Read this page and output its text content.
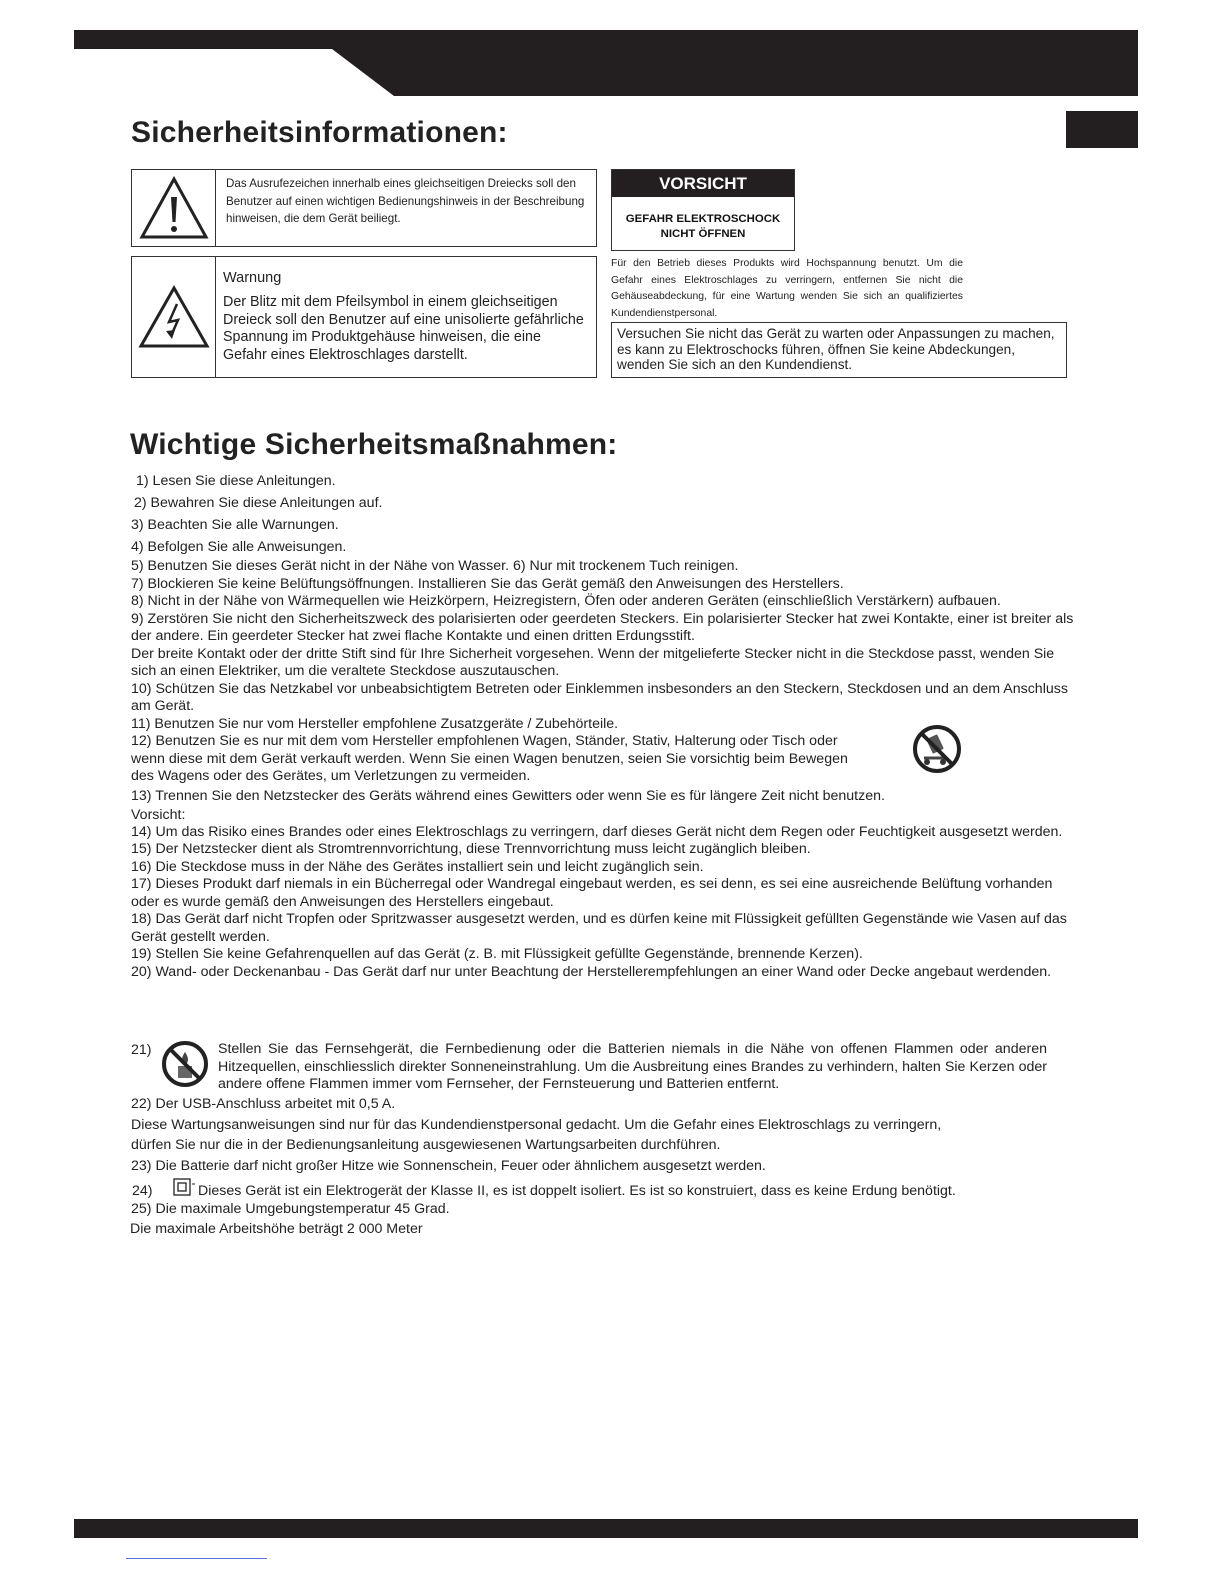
Sicherheitsinformationen:
Das Ausrufezeichen innerhalb eines gleichseitigen Dreiecks soll den Benutzer auf einen wichtigen Bedienungshinweis in der Beschreibung hinweisen, die dem Gerät beiliegt.
Warnung
Der Blitz mit dem Pfeilsymbol in einem gleichseitigen Dreieck soll den Benutzer auf eine unisolierte gefährliche Spannung im Produktgehäuse hinweisen, die eine Gefahr eines Elektroschlages darstellt.
VORSICHT
GEFAHR ELEKTROSCHOCK
NICHT ÖFFNEN
Für den Betrieb dieses Produkts wird Hochspannung benutzt. Um die Gefahr eines Elektroschlages zu verringern, entfernen Sie nicht die Gehäuseabdeckung, für eine Wartung wenden Sie sich an qualifiziertes Kundendienstpersonal.
Versuchen Sie nicht das Gerät zu warten oder Anpassungen zu machen, es kann zu Elektroschocks führen, öffnen Sie keine Abdeckungen, wenden Sie sich an den Kundendienst.
Wichtige Sicherheitsmaßnahmen:

1) Lesen Sie diese Anleitungen.

2) Bewahren Sie diese Anleitungen auf.

3) Beachten Sie alle Warnungen.

4) Befolgen Sie alle Anweisungen.

5) Benutzen Sie dieses Gerät nicht in der Nähe von Wasser. 6) Nur mit trockenem Tuch reinigen.

7) Blockieren Sie keine Belüftungsöffnungen. Installieren Sie das Gerät gemäß den Anweisungen des Herstellers.

8) Nicht in der Nähe von Wärmequellen wie Heizkörpern, Heizregistern, Öfen oder anderen Geräten (einschließlich Verstärkern) aufbauen.

9) Zerstören Sie nicht den Sicherheitszweck des polarisierten oder geerdeten Steckers. Ein polarisierter Stecker hat zwei Kontakte, einer ist breiter als der andere. Ein geerdeter Stecker hat zwei flache Kontakte und einen dritten Erdungsstift.

Der breite Kontakt oder der dritte Stift sind für Ihre Sicherheit vorgesehen. Wenn der mitgelieferte Stecker nicht in die Steckdose passt, wenden Sie sich an einen Elektriker, um die veraltete Steckdose auszutauschen.

10) Schützen Sie das Netzkabel vor unbeabsichtigtem Betreten oder Einklemmen insbesonders an den Steckern, Steckdosen und an dem Anschluss am Gerät.

11) Benutzen Sie nur vom Hersteller empfohlene Zusatzgeräte / Zubehörteile.

12) Benutzen Sie es nur mit dem vom Hersteller empfohlenen Wagen, Ständer, Stativ, Halterung oder Tisch oder

wenn diese mit dem Gerät verkauft werden. Wenn Sie einen Wagen benutzen, seien Sie vorsichtig beim Bewegen

des Wagens oder des Gerätes, um Verletzungen zu vermeiden.

13) Trennen Sie den Netzstecker des Geräts während eines Gewitters oder wenn Sie es für längere Zeit nicht benutzen.

Vorsicht:

14) Um das Risiko eines Brandes oder eines Elektroschlags zu verringern, darf dieses Gerät nicht dem Regen oder Feuchtigkeit ausgesetzt werden.

15) Der Netzstecker dient als Stromtrennvorrichtung, diese Trennvorrichtung muss leicht zugänglich bleiben.

16) Die Steckdose muss in der Nähe des Gerätes installiert sein und leicht zugänglich sein.

17) Dieses Produkt darf niemals in ein Bücherregal oder Wandregal eingebaut werden, es sei denn, es sei eine ausreichende Belüftung vorhanden oder es wurde gemäß den Anweisungen des Herstellers eingebaut.

18) Das Gerät darf nicht Tropfen oder Spritzwasser ausgesetzt werden, und es dürfen keine mit Flüssigkeit gefüllten Gegenstände wie Vasen auf das Gerät gestellt werden.

19) Stellen Sie keine Gefahrenquellen auf das Gerät (z. B. mit Flüssigkeit gefüllte Gegenstände, brennende Kerzen).

20) Wand- oder Deckenanbau - Das Gerät darf nur unter Beachtung der Herstellerempfehlungen an einer Wand oder Decke angebaut werdenden.

21)	Stellen Sie das Fernsehgerät, die Fernbedienung oder die Batterien niemals in die Nähe von offenen Flammen oder anderen Hitzequellen, einschliesslich direkter Sonneneinstrahlung. Um die Ausbreitung eines Brandes zu verhindern, halten Sie Kerzen oder andere offene Flammen immer vom Fernseher, der Fernsteuerung und Batterien entfernt.

22) Der USB-Anschluss arbeitet mit 0,5 A.

Diese Wartungsanweisungen sind nur für das Kundendienstpersonal gedacht. Um die Gefahr eines Elektroschlags zu verringern,

dürfen Sie nur die in der Bedienungsanleitung ausgewiesenen Wartungsarbeiten durchführen.

23) Die Batterie darf nicht großer Hitze wie Sonnenschein, Feuer oder ähnlichem ausgesetzt werden.

24)	Dieses Gerät ist ein Elektrogerät der Klasse II, es ist doppelt isoliert. Es ist so konstruiert, dass es keine Erdung benötigt.

25) Die maximale Umgebungstemperatur 45 Grad.

Die maximale Arbeitshöhe beträgt 2 000 Meter
